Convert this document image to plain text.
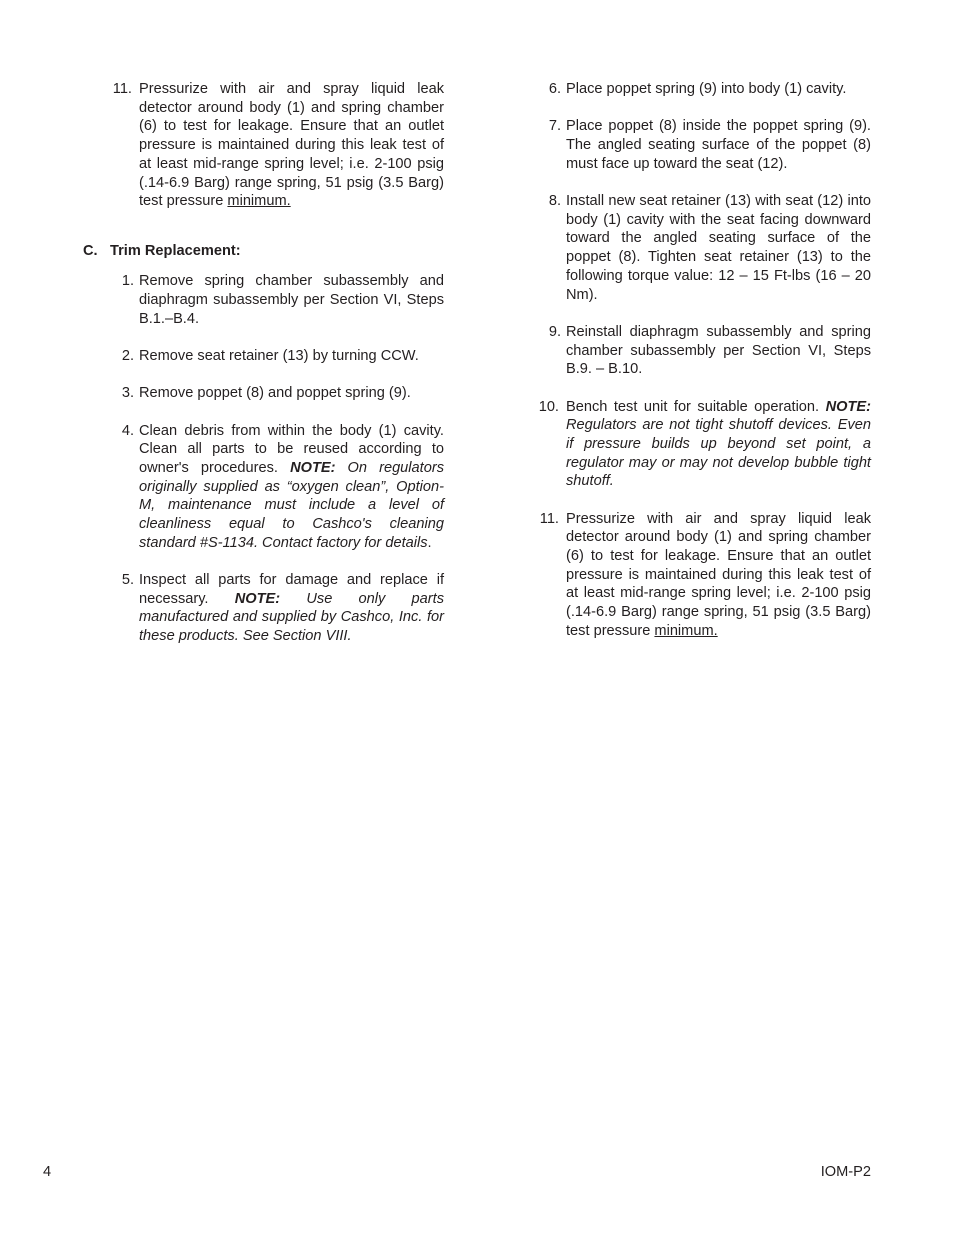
11. Pressurize with air and spray liquid leak detector around body (1) and spring chamber (6) to test for leakage. Ensure that an outlet pressure is maintained during this leak test of at least mid-range spring level; i.e. 2-100 psig (.14-6.9 Barg) range spring, 51 psig (3.5 Barg) test pressure minimum.
C. Trim Replacement:
1. Remove spring chamber subassembly and diaphragm subassembly per Section VI, Steps B.1.–B.4.
2. Remove seat retainer (13) by turning CCW.
3. Remove poppet (8) and poppet spring (9).
4. Clean debris from within the body (1) cavity. Clean all parts to be reused according to owner's procedures. NOTE: On regulators originally supplied as “oxygen clean”, Option-M, maintenance must include a level of cleanliness equal to Cashco's cleaning standard #S-1134. Contact factory for details.
5. Inspect all parts for damage and replace if necessary. NOTE: Use only parts manufactured and supplied by Cashco, Inc. for these products. See Section VIII.
6. Place poppet spring (9) into body (1) cavity.
7. Place poppet (8) inside the poppet spring (9). The angled seating surface of the poppet (8) must face up toward the seat (12).
8. Install new seat retainer (13) with seat (12) into body (1) cavity with the seat facing downward toward the angled seating surface of the poppet (8). Tighten seat retainer (13) to the following torque value: 12 – 15 Ft-lbs (16 – 20 Nm).
9. Reinstall diaphragm subassembly and spring chamber subassembly per Section VI, Steps B.9. – B.10.
10. Bench test unit for suitable operation. NOTE: Regulators are not tight shutoff devices. Even if pressure builds up beyond set point, a regulator may or may not develop bubble tight shutoff.
11. Pressurize with air and spray liquid leak detector around body (1) and spring chamber (6) to test for leakage. Ensure that an outlet pressure is maintained during this leak test of at least mid-range spring level; i.e. 2-100 psig (.14-6.9 Barg) range spring, 51 psig (3.5 Barg) test pressure minimum.
4	IOM-P2
